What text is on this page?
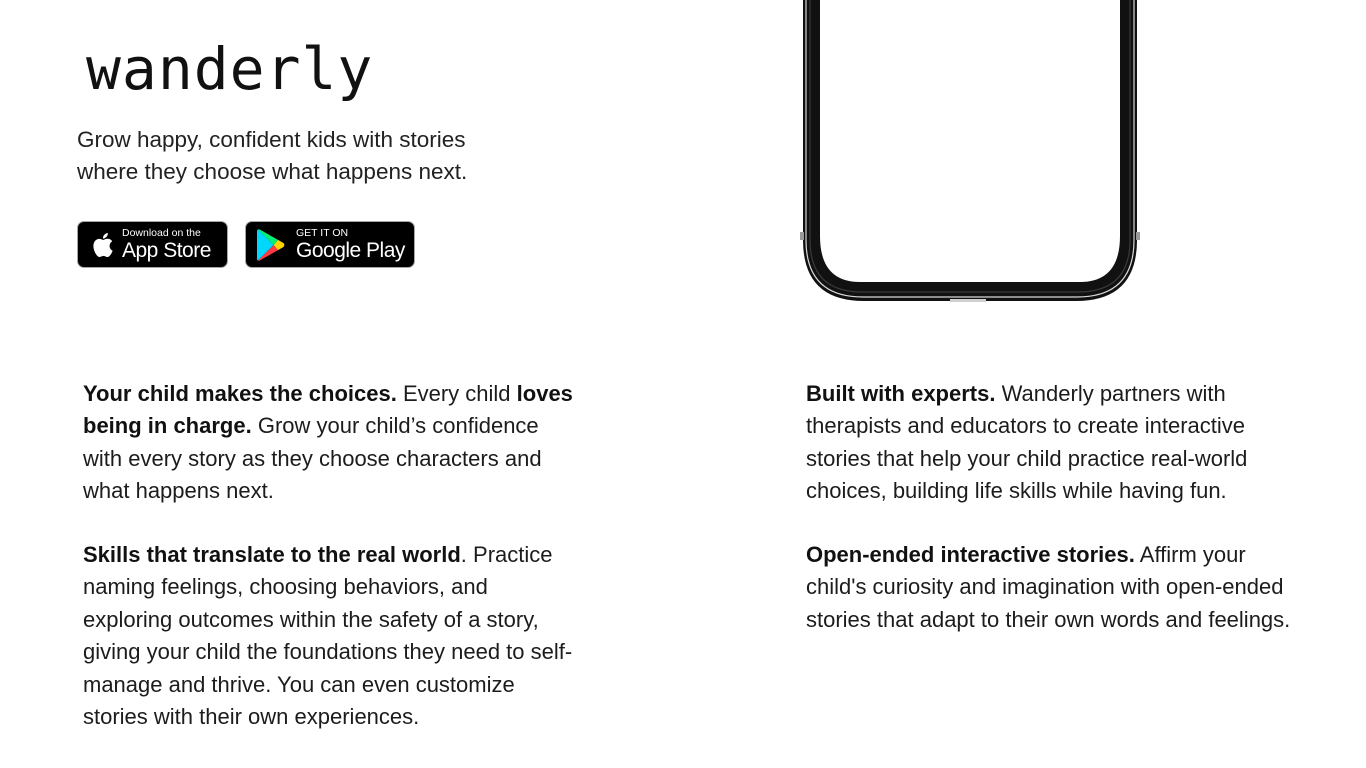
wanderly

Grow happy, confident kids with stories where they choose what happens next.

Download on the
App Store
GET IT ON
Google Play

Your child makes the choices. Every child loves being in charge. Grow your child’s confidence with every story as they choose characters and what happens next.

Skills that translate to the real world. Practice naming feelings, choosing behaviors, and exploring outcomes within the safety of a story, giving your child the foundations they need to self-manage and thrive. You can even customize stories with their own experiences.

Built with experts. Wanderly partners with therapists and educators to create interactive stories that help your child practice real-world choices, building life skills while having fun.

Open-ended interactive stories. Affirm your child's curiosity and imagination with open-ended stories that adapt to their own words and feelings.
